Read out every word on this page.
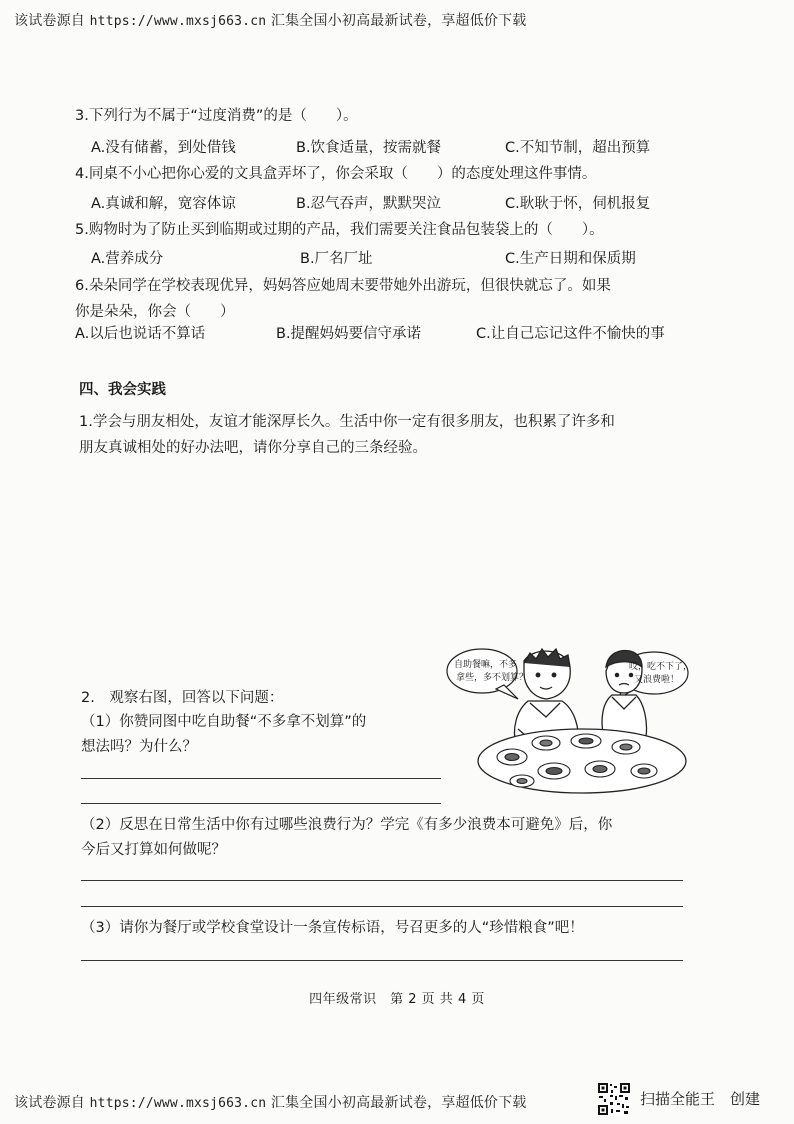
该试卷源自 https://www.mxsj663.cn 汇集全国小初高最新试卷，享超低价下载
3.下列行为不属于“过度消费”的是（　　）。
A.没有储蓄，到处借钱	B.饮食适量，按需就餐	C.不知节制，超出预算
4.同桌不小心把你心爱的文具盒弄坏了，你会采取（　　）的态度处理这件事情。
A.真诚和解，宽容体谅	B.忍气吞声，默默哭泣	C.耿耿于怀，伺机报复
5.购物时为了防止买到临期或过期的产品，我们需要关注食品包装袋上的（　　）。
A.营养成分	B.厂名厂址	C.生产日期和保质期
6.朵朵同学在学校表现优异，妈妈答应她周末要带她外出游玩，但很快就忘了。如果
你是朵朵，你会（　　）
A.以后也说话不算话	B.提醒妈妈要信守承诺	C.让自己忘记这件不愉快的事
四、我会实践
1.学会与朋友相处，友谊才能深厚长久。生活中你一定有很多朋友，也积累了许多和
朋友真诚相处的好办法吧，请你分享自己的三条经验。
2.　观察右图，回答以下问题：
（1）你赞同图中吃自助餐“不多拿不划算”的
想法吗？为什么？
（2）反思在日常生活中你有过哪些浪费行为？学完《有多少浪费本可避免》后，你
今后又打算如何做呢？
（3）请你为餐厅或学校食堂设计一条宣传标语，号召更多的人“珍惜粮食”吧！
自助餐嘛，不多
拿些，多不划算？
哎，吃不下了，
又浪费啦！
四年级常识　第 2 页 共 4 页
该试卷源自 https://www.mxsj663.cn 汇集全国小初高最新试卷，享超低价下载	扫描全能王　创建
